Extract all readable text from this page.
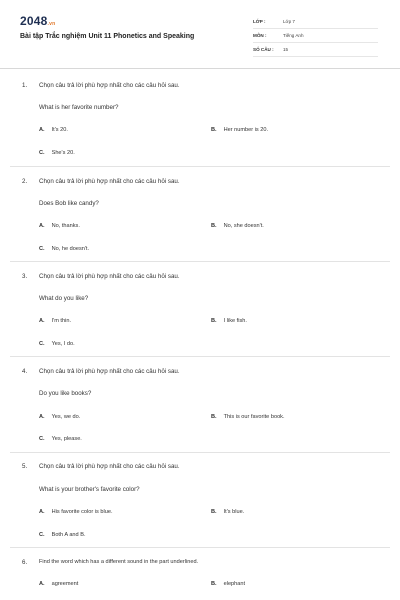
2048.vn
Bài tập Trắc nghiệm Unit 11 Phonetics and Speaking
LỚP :	Lớp 7
MÔN :	Tiếng Anh
SỐ CÂU :	15
1. Chọn câu trả lời phù hợp nhất cho các câu hỏi sau.
What is her favorite number?
A. It's 20.	B. Her number is 20.
C. She's 20.
2. Chọn câu trả lời phù hợp nhất cho các câu hỏi sau.
Does Bob like candy?
A. No, thanks.	B. No, she doesn't.
C. No, he doesn't.
3. Chọn câu trả lời phù hợp nhất cho các câu hỏi sau.
What do you like?
A. I'm thin.	B. I like fish.
C. Yes, I do.
4. Chọn câu trả lời phù hợp nhất cho các câu hỏi sau.
Do you like books?
A. Yes, we do.	B. This is our favorite book.
C. Yes, please.
5. Chọn câu trả lời phù hợp nhất cho các câu hỏi sau.
What is your brother's favorite color?
A. His favorite color is blue.	B. It's blue.
C. Both A and B.
6. Find the word which has a different sound in the part underlined.
A. agreement	B. elephant
